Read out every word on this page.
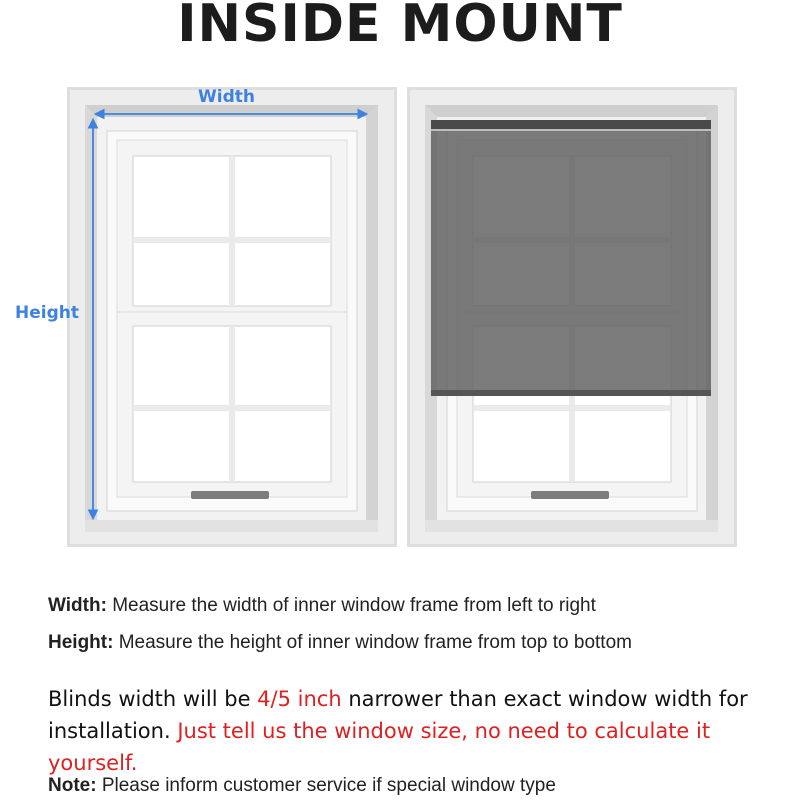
INSIDE MOUNT
Width
Height
Width: Measure the width of inner window frame from left to right
Height: Measure the height of inner window frame from top to bottom
Blinds width will be 4/5 inch narrower than exact window width for
installation. Just tell us the window size, no need to calculate it yourself.
Note: Please inform customer service if special window type
